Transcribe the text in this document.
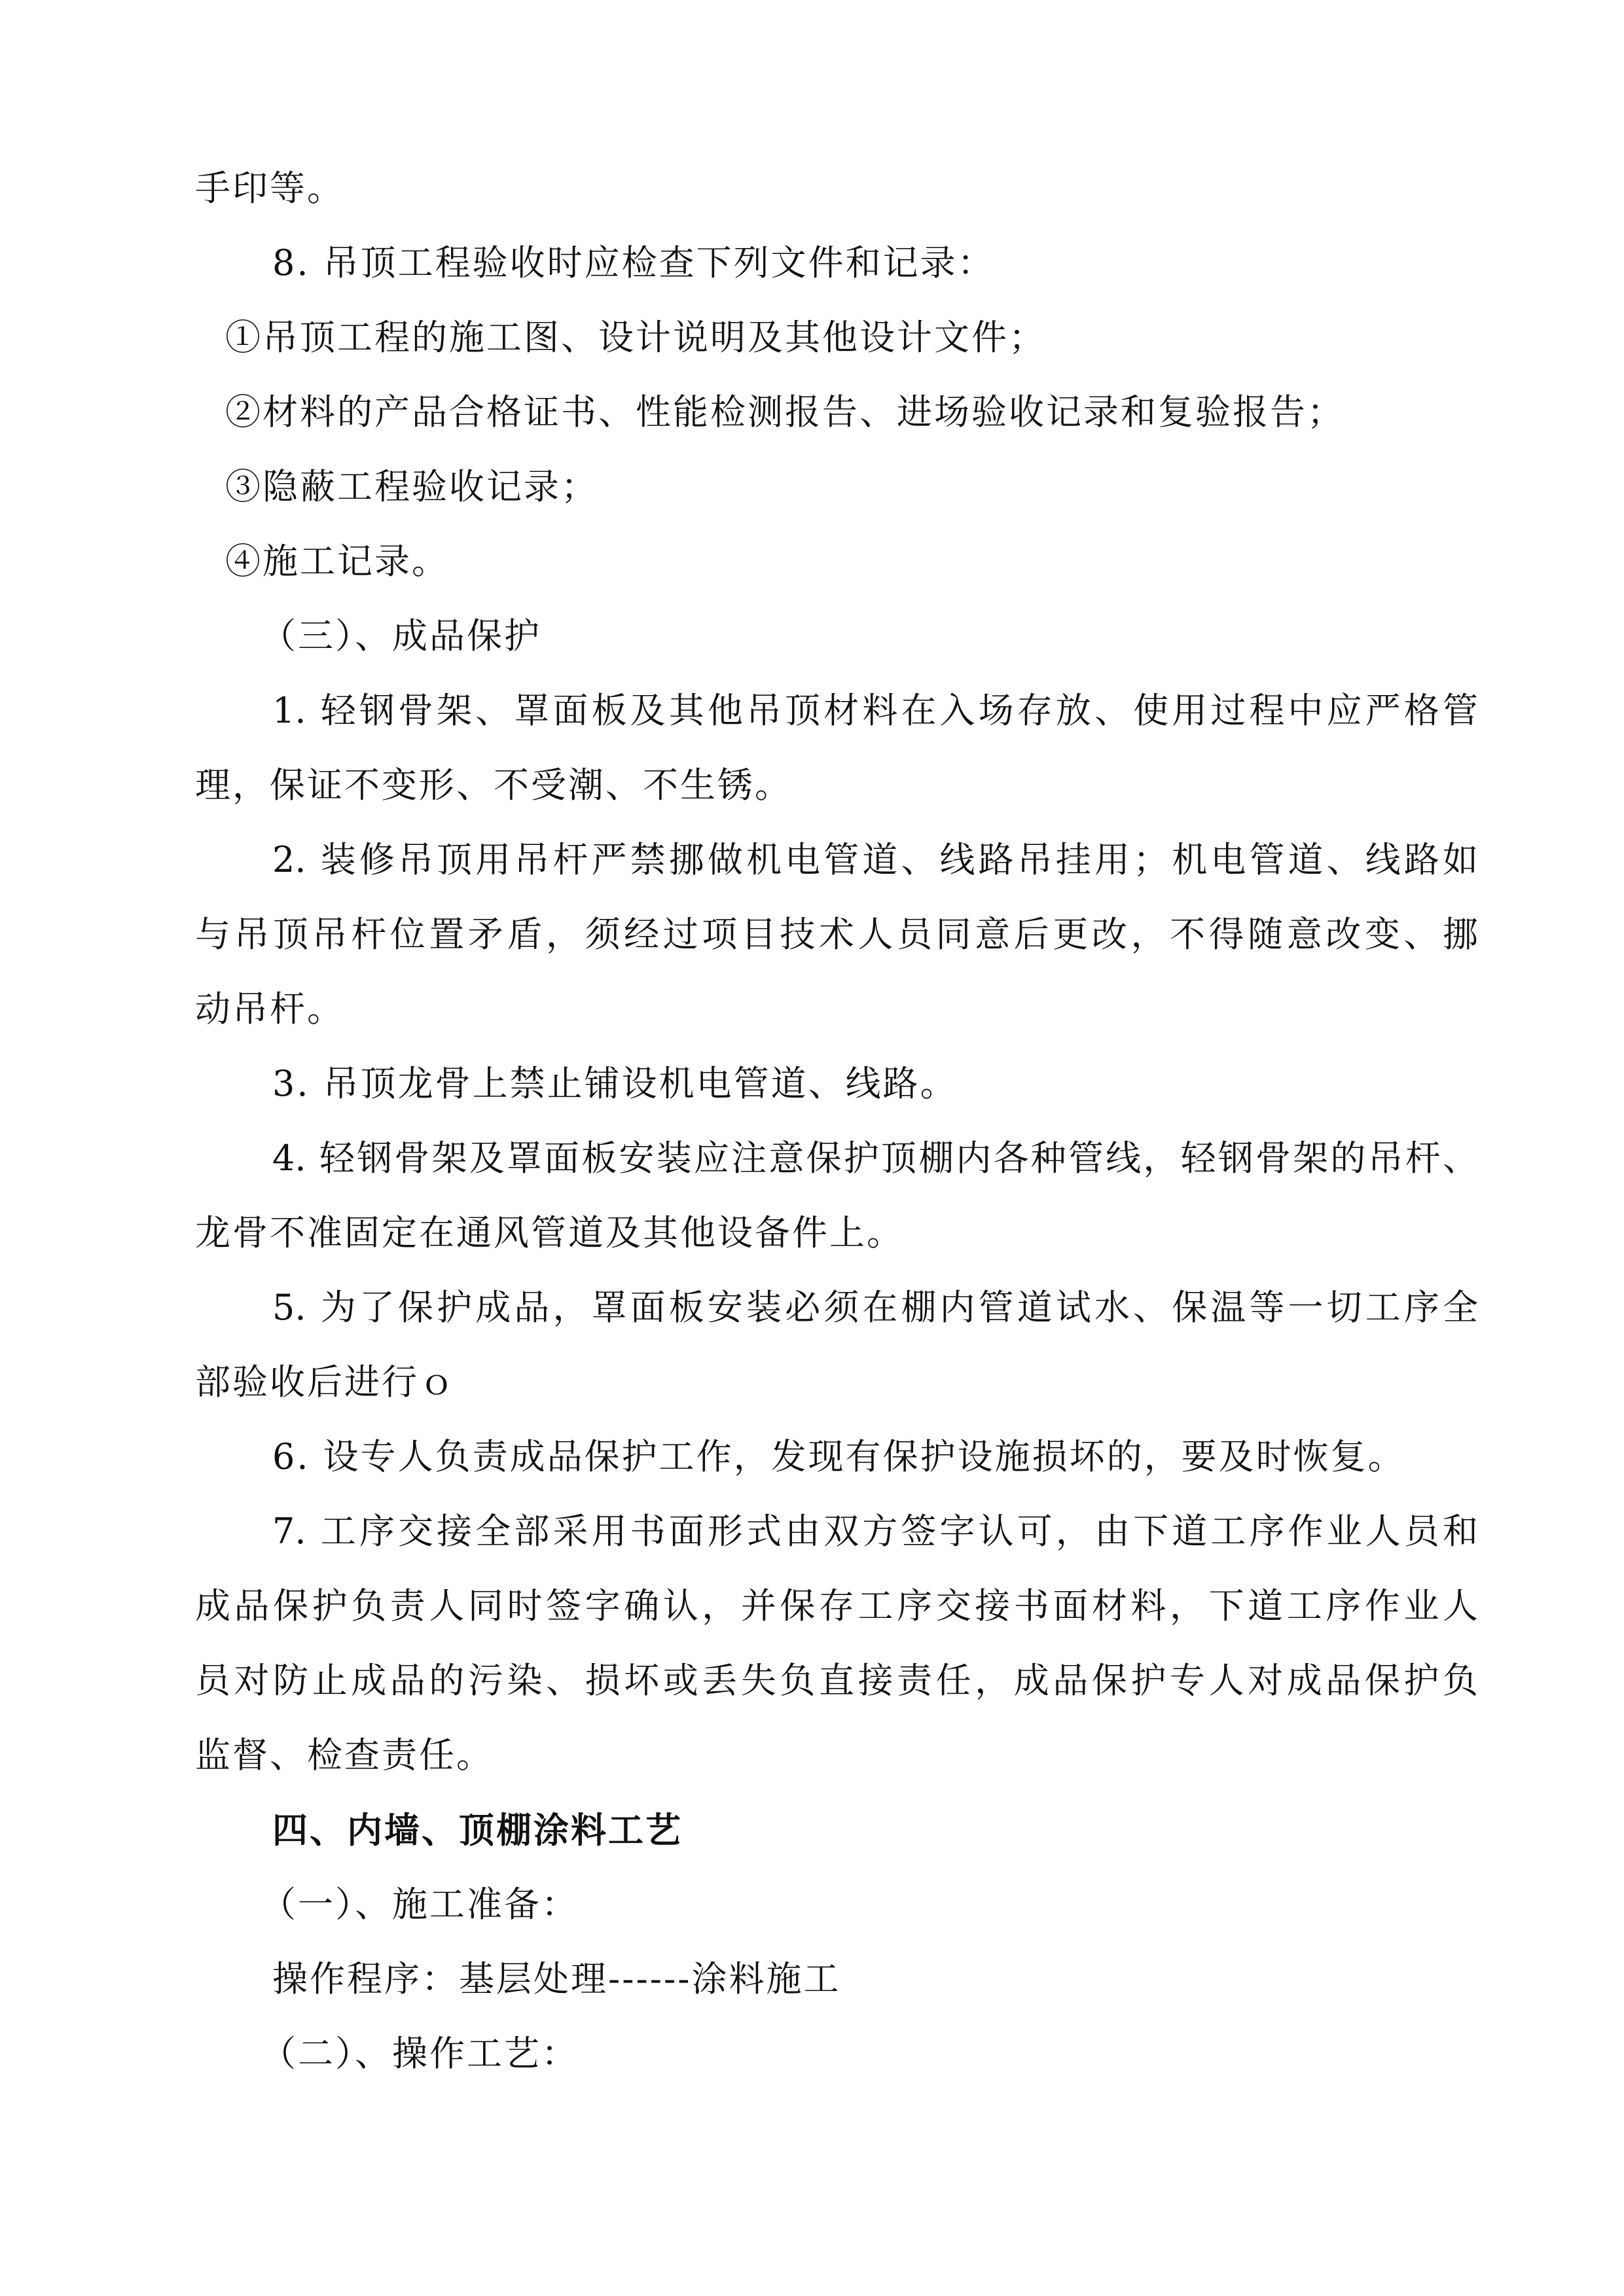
手印等。
8. 吊顶工程验收时应检查下列文件和记录：
①吊顶工程的施工图、设计说明及其他设计文件；
②材料的产品合格证书、性能检测报告、进场验收记录和复验报告；
③隐蔽工程验收记录；
④施工记录。
（三）、成品保护
1. 轻钢骨架、罩面板及其他吊顶材料在入场存放、使用过程中应严格管
理，保证不变形、不受潮、不生锈。
2. 装修吊顶用吊杆严禁挪做机电管道、线路吊挂用；机电管道、线路如
与吊顶吊杆位置矛盾，须经过项目技术人员同意后更改，不得随意改变、挪
动吊杆。
3. 吊顶龙骨上禁止铺设机电管道、线路。
4. 轻钢骨架及罩面板安装应注意保护顶棚内各种管线，轻钢骨架的吊杆、
龙骨不准固定在通风管道及其他设备件上。
5. 为了保护成品，罩面板安装必须在棚内管道试水、保温等一切工序全
部验收后进行ｏ
6. 设专人负责成品保护工作，发现有保护设施损坏的，要及时恢复。
7. 工序交接全部采用书面形式由双方签字认可，由下道工序作业人员和
成品保护负责人同时签字确认，并保存工序交接书面材料，下道工序作业人
员对防止成品的污染、损坏或丢失负直接责任，成品保护专人对成品保护负
监督、检查责任。
四、内墙、顶棚涂料工艺
（一）、施工准备：
操作程序：基层处理------涂料施工
（二）、操作工艺：
